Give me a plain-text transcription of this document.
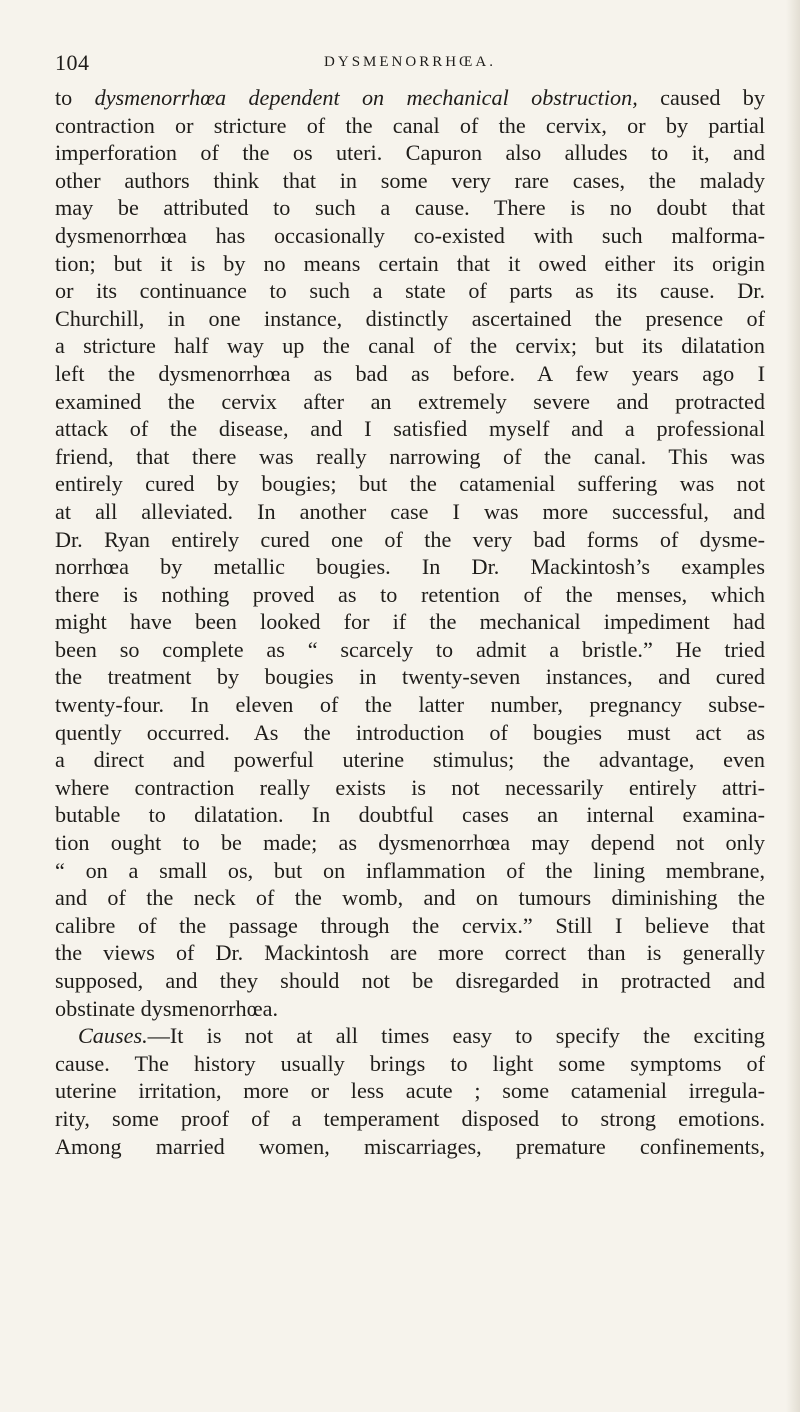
104	DYSMENORRHŒA.
to dysmenorrhœa dependent on mechanical obstruction, caused by
contraction or stricture of the canal of the cervix, or by partial
imperforation of the os uteri. Capuron also alludes to it, and
other authors think that in some very rare cases, the malady
may be attributed to such a cause. There is no doubt that
dysmenorrhœa has occasionally co-existed with such malforma-
tion; but it is by no means certain that it owed either its origin
or its continuance to such a state of parts as its cause. Dr.
Churchill, in one instance, distinctly ascertained the presence of
a stricture half way up the canal of the cervix; but its dilatation
left the dysmenorrhœa as bad as before. A few years ago I
examined the cervix after an extremely severe and protracted
attack of the disease, and I satisfied myself and a professional
friend, that there was really narrowing of the canal. This was
entirely cured by bougies; but the catamenial suffering was not
at all alleviated. In another case I was more successful, and
Dr. Ryan entirely cured one of the very bad forms of dysme-
norrhœa by metallic bougies. In Dr. Mackintosh’s examples
there is nothing proved as to retention of the menses, which
might have been looked for if the mechanical impediment had
been so complete as “ scarcely to admit a bristle.” He tried
the treatment by bougies in twenty-seven instances, and cured
twenty-four. In eleven of the latter number, pregnancy subse-
quently occurred. As the introduction of bougies must act as
a direct and powerful uterine stimulus; the advantage, even
where contraction really exists is not necessarily entirely attri-
butable to dilatation. In doubtful cases an internal examina-
tion ought to be made; as dysmenorrhœa may depend not only
“ on a small os, but on inflammation of the lining membrane,
and of the neck of the womb, and on tumours diminishing the
calibre of the passage through the cervix.” Still I believe that
the views of Dr. Mackintosh are more correct than is generally
supposed, and they should not be disregarded in protracted and
obstinate dysmenorrhœa.
Causes.—It is not at all times easy to specify the exciting
cause. The history usually brings to light some symptoms of
uterine irritation, more or less acute ; some catamenial irregula-
rity, some proof of a temperament disposed to strong emotions.
Among married women, miscarriages, premature confinements,
